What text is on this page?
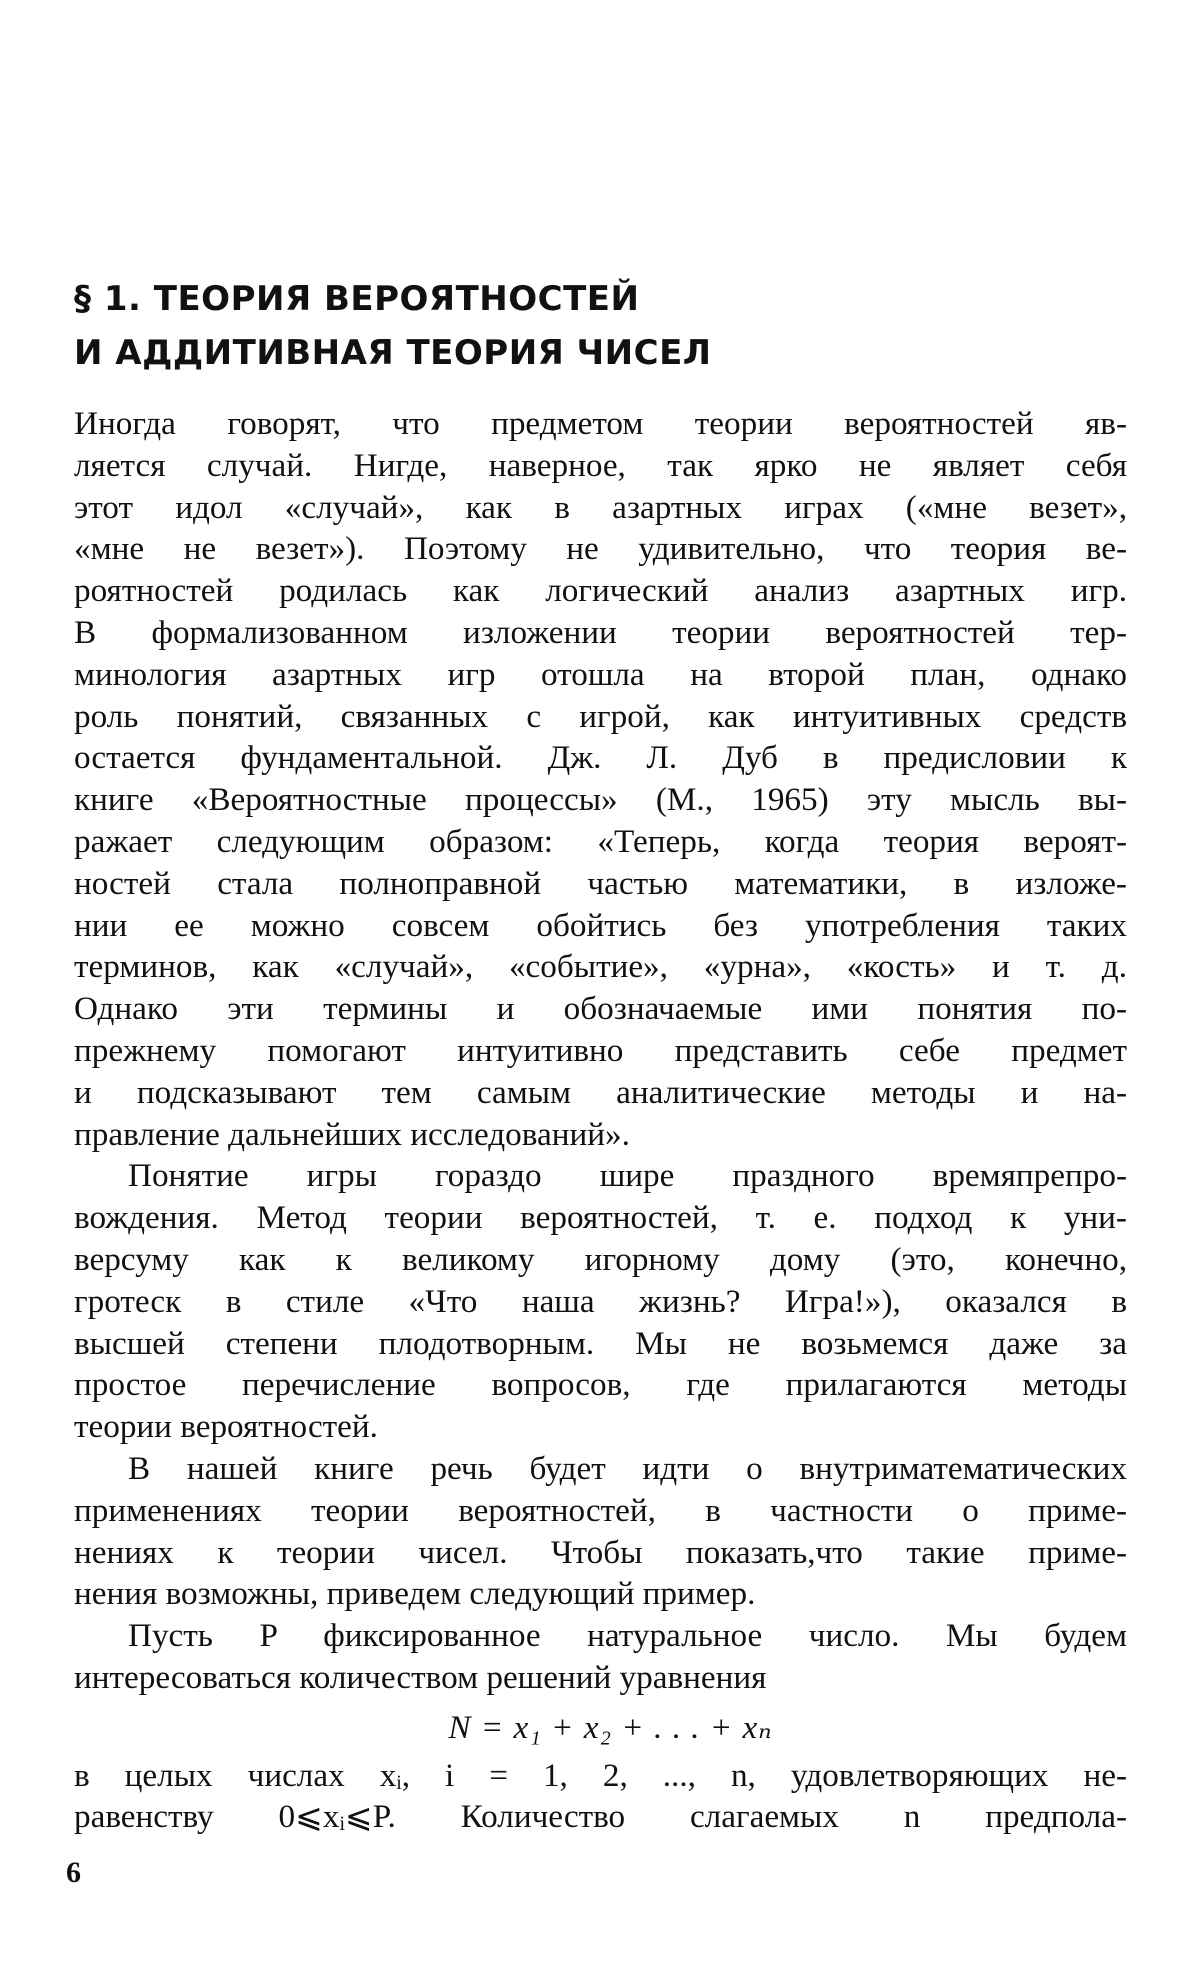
§ 1. ТЕОРИЯ ВЕРОЯТНОСТЕЙ
И АДДИТИВНАЯ ТЕОРИЯ ЧИСЕЛ

Иногда говорят, что предметом теории вероятностей яв-
ляется случай. Нигде, наверное, так ярко не являет себя
этот идол «случай», как в азартных играх («мне везет»,
«мне не везет»). Поэтому не удивительно, что теория ве-
роятностей родилась как логический анализ азартных игр.
В формализованном изложении теории вероятностей тер-
минология азартных игр отошла на второй план, однако
роль понятий, связанных с игрой, как интуитивных средств
остается фундаментальной. Дж. Л. Дуб в предисловии к
книге «Вероятностные процессы» (М., 1965) эту мысль вы-
ражает следующим образом: «Теперь, когда теория вероят-
ностей стала полноправной частью математики, в изложе-
нии ее можно совсем обойтись без употребления таких
терминов, как «случай», «событие», «урна», «кость» и т. д.
Однако эти термины и обозначаемые ими понятия по-
прежнему помогают интуитивно представить себе предмет
и подсказывают тем самым аналитические методы и на-
правление дальнейших исследований».

Понятие игры гораздо шире праздного времяпрепро-
вождения. Метод теории вероятностей, т. е. подход к уни-
версуму как к великому игорному дому (это, конечно,
гротеск в стиле «Что наша жизнь? Игра!»), оказался в
высшей степени плодотворным. Мы не возьмемся даже за
простое перечисление вопросов, где прилагаются методы
теории вероятностей.

В нашей книге речь будет идти о внутриматематических
применениях теории вероятностей, в частности о приме-
нениях к теории чисел. Чтобы показать,что такие приме-
нения возможны, приведем следующий пример.

Пусть P фиксированное натуральное число. Мы будем
интересоваться количеством решений уравнения

N = x₁ + x₂ + . . . + xₙ

в целых числах xᵢ, i = 1, 2, ..., n, удовлетворяющих не-
равенству 0⩽xᵢ⩽P. Количество слагаемых n предпола-

6
